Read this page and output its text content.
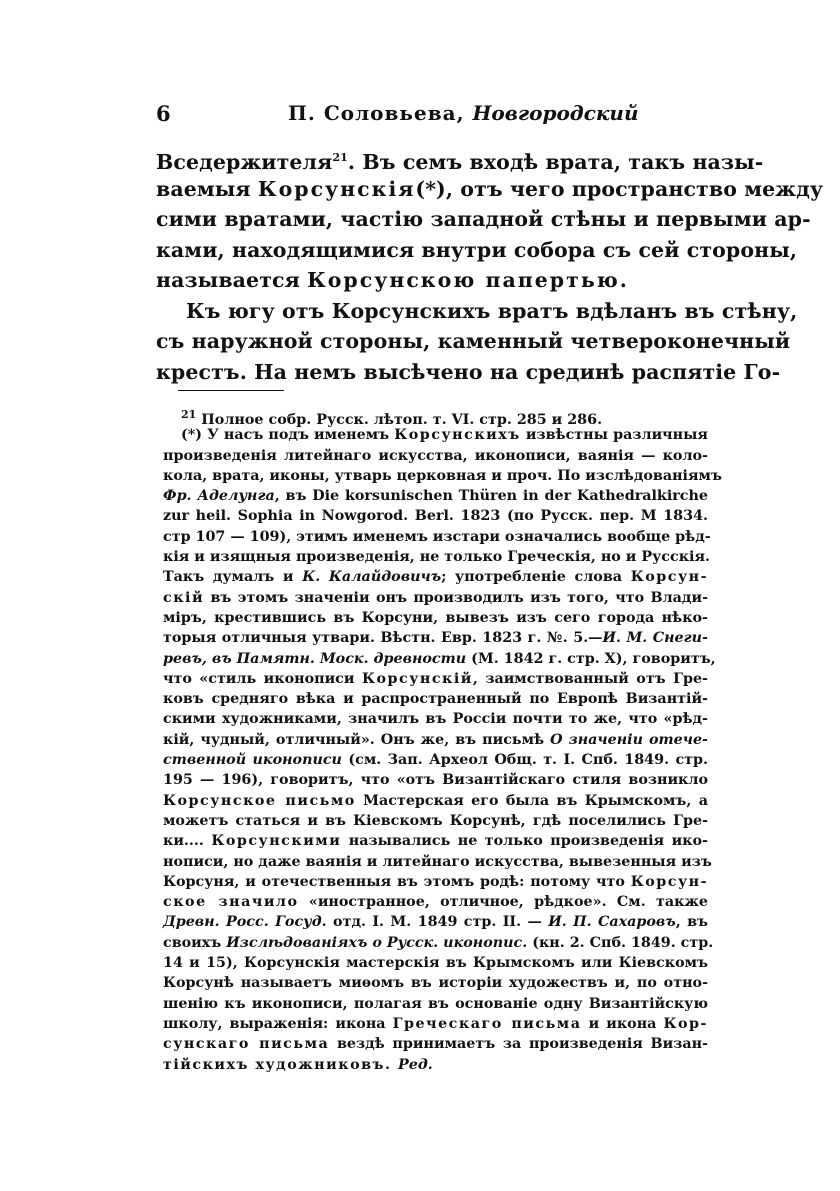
6	П. Соловьева, Новгородский
Вседержителя$^{21}$. Въ семъ входѣ врата, такъ назы-
ваемыя Корсунскія(*), отъ чего пространство между
сими вратами, частію западной стѣны и первыми ар-
ками, находящимися внутри собора съ сей стороны,
называется Корсунскою папертью.
Къ югу отъ Корсунскихъ вратъ вдѣланъ въ стѣну,
съ наружной стороны, каменный четвероконечный
крестъ. На немъ высѣчено на срединѣ распятіе Го-
$^{21}$ Полное собр. Русск. лѣтоп. т. VI. стр. 285 и 286.
(*) У насъ подъ именемъ Корсунскихъ извѣстны различныя
произведенія литейнаго искусства, иконописи, ваянія — коло-
кола, врата, иконы, утварь церковная и проч. По изслѣдованіямъ
Фр. Аделунга, въ Die korsunischen Thüren in der Kathedralkirche
zur heil. Sophia in Nowgorod. Berl. 1823 (по Русск. пер. М 1834.
стр 107 — 109), этимъ именемъ изстари означались вообще рѣд-
кія и изящныя произведенія, не только Греческія, но и Русскія.
Такъ думалъ и К. Калайдовичъ; употребленіе слова Корсун-
скій въ этомъ значеніи онъ производилъ изъ того, что Влади-
міръ, крестившись въ Корсуни, вывезъ изъ сего города нѣко-
торыя отличныя утвари. Вѣстн. Евр. 1823 г. №. 5.—И. М. Снеги-
ревъ, въ Памятн. Моск. древности (М. 1842 г. стр. X), говоритъ,
что «стиль иконописи Корсунскій, заимствованный отъ Гре-
ковъ средняго вѣка и распространенный по Европѣ Византій-
скими художниками, значилъ въ Россіи почти то же, что «рѣд-
кій, чудный, отличный». Онъ же, въ письмѣ О значеніи отече-
ственной иконописи (см. Зап. Археол Общ. т. I. Спб. 1849. стр.
195 — 196), говоритъ, что «отъ Византійскаго стиля возникло
Корсунское письмо Мастерская его была въ Крымскомъ, а
можетъ статься и въ Кіевскомъ Корсунѣ, гдѣ поселились Гре-
ки.... Корсунскими назывались не только произведенія ико-
нописи, но даже ваянія и литейнаго искусства, вывезенныя изъ
Корсуня, и отечественныя въ этомъ родѣ: потому что Корсун-
ское значило «иностранное, отличное, рѣдкое». См. также
Древн. Росс. Госуд. отд. I. М. 1849 стр. II. — И. П. Сахаровъ, въ
своихъ Изслѣдованіяхъ о Русск. иконопис. (кн. 2. Спб. 1849. стр.
14 и 15), Корсунскія мастерскія въ Крымскомъ или Кіевскомъ
Корсунѣ называетъ миѳомъ въ исторіи художествъ и, по отно-
шенію къ иконописи, полагая въ основаніе одну Византійскую
школу, выраженія: икона Греческаго письма и икона Кор-
сунскаго письма вездѣ принимаетъ за произведенія Визан-
тійскихъ художниковъ. Ред.
